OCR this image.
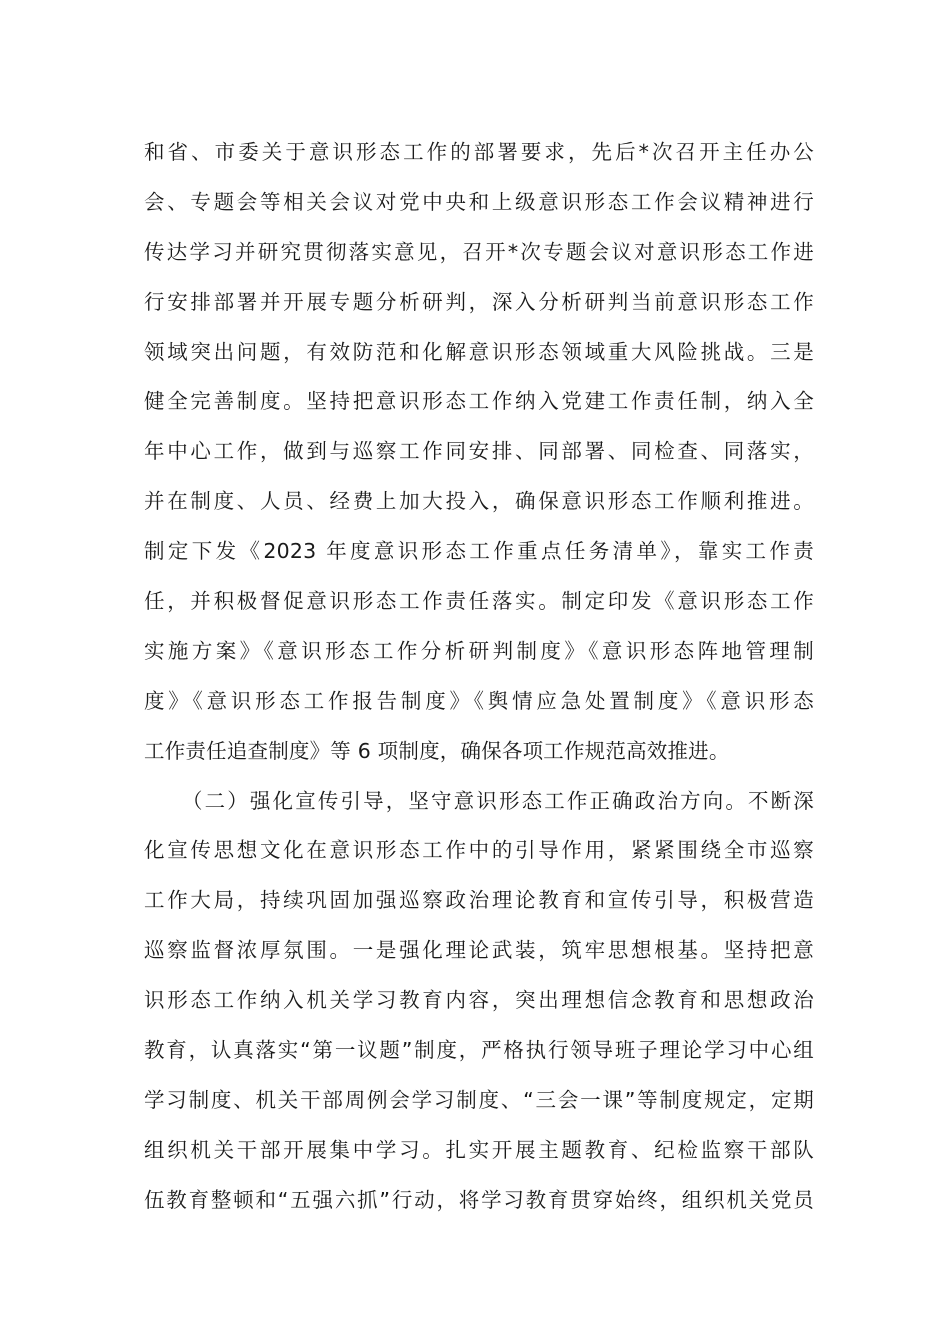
和省、市委关于意识形态工作的部署要求，先后*次召开主任办公
会、专题会等相关会议对党中央和上级意识形态工作会议精神进行
传达学习并研究贯彻落实意见，召开*次专题会议对意识形态工作进
行安排部署并开展专题分析研判，深入分析研判当前意识形态工作
领域突出问题，有效防范和化解意识形态领域重大风险挑战。三是
健全完善制度。坚持把意识形态工作纳入党建工作责任制，纳入全
年中心工作，做到与巡察工作同安排、同部署、同检查、同落实，
并在制度、人员、经费上加大投入，确保意识形态工作顺利推进。
制定下发《2023 年度意识形态工作重点任务清单》，靠实工作责
任，并积极督促意识形态工作责任落实。制定印发《意识形态工作
实施方案》《意识形态工作分析研判制度》《意识形态阵地管理制
度》《意识形态工作报告制度》《舆情应急处置制度》《意识形态
工作责任追查制度》等 6 项制度，确保各项工作规范高效推进。
（二）强化宣传引导，坚守意识形态工作正确政治方向。不断深
化宣传思想文化在意识形态工作中的引导作用，紧紧围绕全市巡察
工作大局，持续巩固加强巡察政治理论教育和宣传引导，积极营造
巡察监督浓厚氛围。一是强化理论武装，筑牢思想根基。坚持把意
识形态工作纳入机关学习教育内容，突出理想信念教育和思想政治
教育，认真落实“第一议题”制度，严格执行领导班子理论学习中心组
学习制度、机关干部周例会学习制度、“三会一课”等制度规定，定期
组织机关干部开展集中学习。扎实开展主题教育、纪检监察干部队
伍教育整顿和“五强六抓”行动，将学习教育贯穿始终，组织机关党员
